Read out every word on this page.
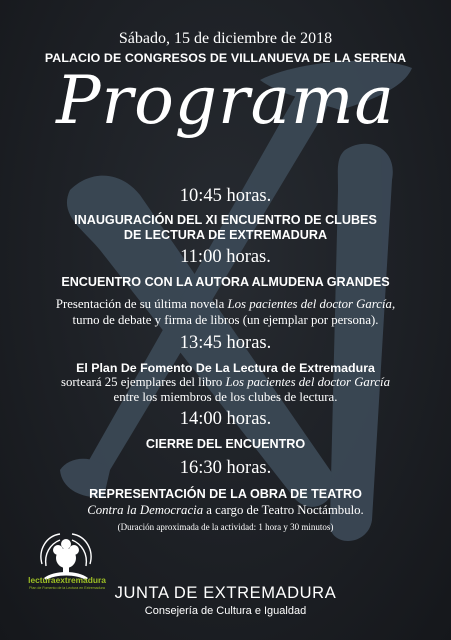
Sábado, 15 de diciembre de 2018
PALACIO DE CONGRESOS DE VILLANUEVA DE LA SERENA
Programa
10:45 horas.
INAUGURACIÓN DEL XI ENCUENTRO DE CLUBES
DE LECTURA DE EXTREMADURA
11:00 horas.
ENCUENTRO CON LA AUTORA ALMUDENA GRANDES
Presentación de su última novela Los pacientes del doctor García,
turno de debate y firma de libros (un ejemplar por persona).
13:45 horas.
El Plan De Fomento De La Lectura de Extremadura
sorteará 25 ejemplares del libro Los pacientes del doctor García
entre los miembros de los clubes de lectura.
14:00 horas.
CIERRE DEL ENCUENTRO
16:30 horas.
REPRESENTACIÓN DE LA OBRA DE TEATRO
Contra la Democracia a cargo de Teatro Noctámbulo.
(Duración aproximada de la actividad: 1 hora y 30 minutos)
lecturaextremadura
Plan de Fomento de la Lectura en Extremadura JUNTA DE EXTREMADURA
Consejería de Cultura e Igualdad
